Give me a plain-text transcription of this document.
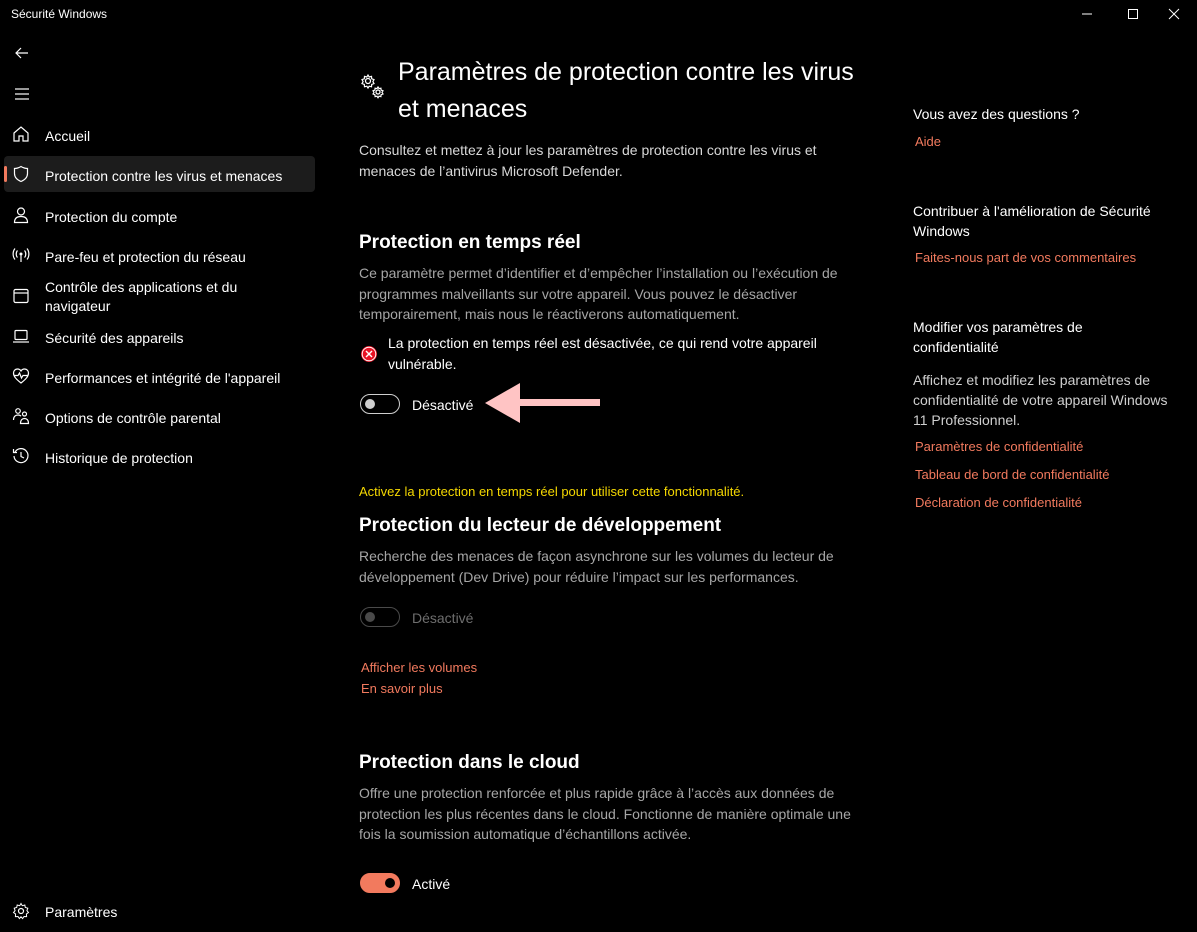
Sécurité Windows
Accueil
Protection contre les virus et menaces
Protection du compte
Pare-feu et protection du réseau
Contrôle des applications et du navigateur
Sécurité des appareils
Performances et intégrité de l'appareil
Options de contrôle parental
Historique de protection
Paramètres
Paramètres de protection contre les virus et menaces
Consultez et mettez à jour les paramètres de protection contre les virus et menaces de l’antivirus Microsoft Defender.
Protection en temps réel
Ce paramètre permet d’identifier et d’empêcher l’installation ou l’exécution de programmes malveillants sur votre appareil. Vous pouvez le désactiver temporairement, mais nous le réactiverons automatiquement.
La protection en temps réel est désactivée, ce qui rend votre appareil vulnérable.
Désactivé
Activez la protection en temps réel pour utiliser cette fonctionnalité.
Protection du lecteur de développement
Recherche des menaces de façon asynchrone sur les volumes du lecteur de développement (Dev Drive) pour réduire l’impact sur les performances.
Désactivé
Afficher les volumes
En savoir plus
Protection dans le cloud
Offre une protection renforcée et plus rapide grâce à l’accès aux données de protection les plus récentes dans le cloud. Fonctionne de manière optimale une fois la soumission automatique d’échantillons activée.
Activé
Vous avez des questions ?
Aide
Contribuer à l'amélioration de Sécurité Windows
Faites-nous part de vos commentaires
Modifier vos paramètres de confidentialité
Affichez et modifiez les paramètres de confidentialité de votre appareil Windows 11 Professionnel.
Paramètres de confidentialité
Tableau de bord de confidentialité
Déclaration de confidentialité
